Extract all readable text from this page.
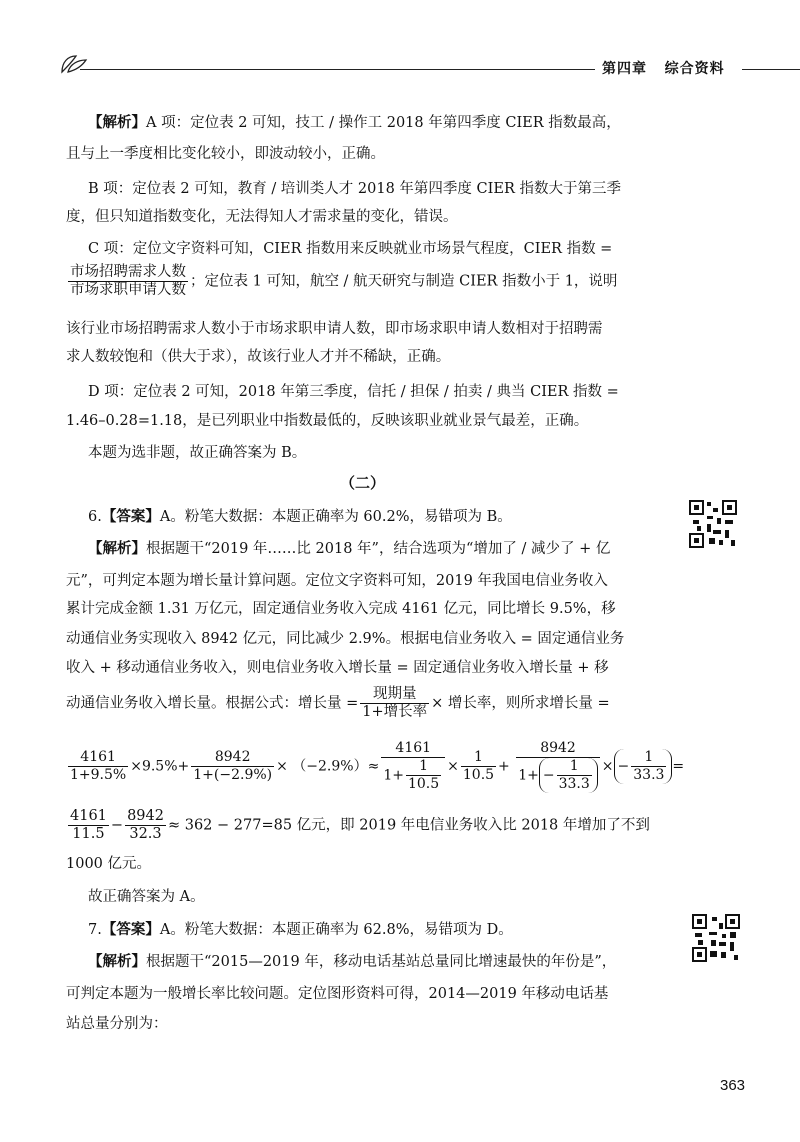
第四章 综合资料
【解析】A 项：定位表 2 可知，技工 / 操作工 2018 年第四季度 CIER 指数最高，
且与上一季度相比变化较小，即波动较小，正确。
B 项：定位表 2 可知，教育 / 培训类人才 2018 年第四季度 CIER 指数大于第三季
度，但只知道指数变化，无法得知人才需求量的变化，错误。
C 项：定位文字资料可知，CIER 指数用来反映就业市场景气程度，CIER 指数 =
$\frac{\text{市场招聘需求人数}}{\text{市场求职申请人数}}$ ；定位表 1 可知，航空 / 航天研究与制造 CIER 指数小于 1，说明
该行业市场招聘需求人数小于市场求职申请人数，即市场求职申请人数相对于招聘需
求人数较饱和（供大于求），故该行业人才并不稀缺，正确。
D 项：定位表 2 可知，2018 年第三季度，信托 / 担保 / 拍卖 / 典当 CIER 指数 =
1.46–0.28=1.18，是已列职业中指数最低的，反映该职业就业景气最差，正确。
本题为选非题，故正确答案为 B。
（二）
6.【答案】A。粉笔大数据：本题正确率为 60.2%，易错项为 B。
【解析】根据题干“2019 年……比 2018 年”，结合选项为“增加了 / 减少了 + 亿
元”，可判定本题为增长量计算问题。定位文字资料可知，2019 年我国电信业务收入
累计完成金额 1.31 万亿元，固定通信业务收入完成 4161 亿元，同比增长 9.5%，移
动通信业务实现收入 8942 亿元，同比减少 2.9%。根据电信业务收入 = 固定通信业务
收入 + 移动通信业务收入，则电信业务收入增长量 = 固定通信业务收入增长量 + 移
动通信业务收入增长量。根据公式：增长量 = $\frac{\text{现期量}}{\text{1+增长率}}$ × 增长率，则所求增长量 =
$\frac{4161}{1+9.5\%} \times 9.5\%+ \frac{8942}{1+(-2.9\%)} \times (-2.9\%)\approx \frac{4161}{1+ \frac{1}{10.5}} \times \frac{1}{10.5} + \frac{8942}{1+ - \frac{1}{33.3}}$ × − $\frac{1}{33.3}$ =
$\frac{4161}{11.5} - \frac{8942}{32.3} \approx 362 - 277=85$ 亿元，即 2019 年电信业务收入比 2018 年增加了不到
1000 亿元。
故正确答案为 A。
7.【答案】A。粉笔大数据：本题正确率为 62.8%，易错项为 D。
【解析】根据题干“2015—2019 年，移动电话基站总量同比增速最快的年份是”，
可判定本题为一般增长率比较问题。定位图形资料可得，2014—2019 年移动电话基
站总量分别为：
363
